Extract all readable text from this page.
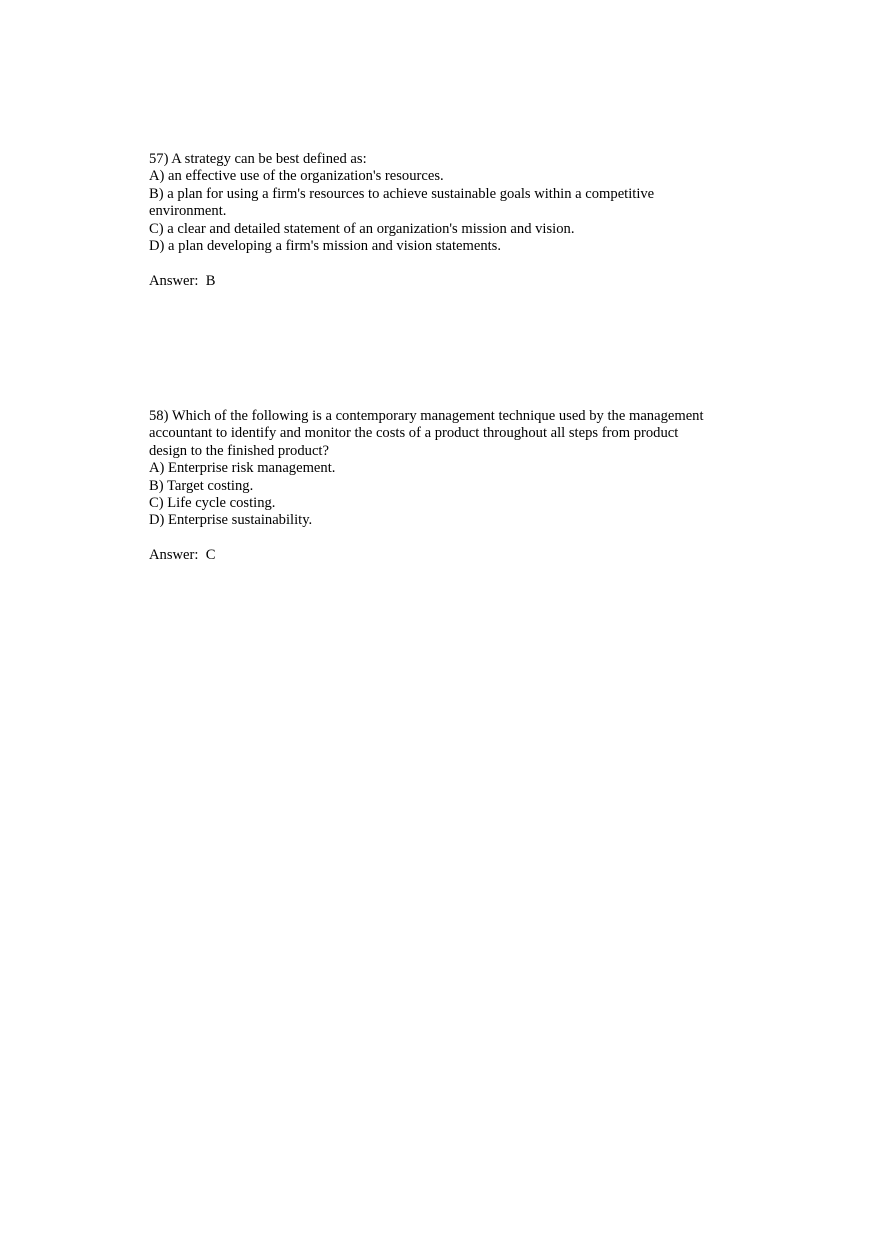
57) A strategy can be best defined as:
A) an effective use of the organization's resources.
B) a plan for using a firm's resources to achieve sustainable goals within a competitive
environment.
C) a clear and detailed statement of an organization's mission and vision.
D) a plan developing a firm's mission and vision statements.
Answer:  B
58) Which of the following is a contemporary management technique used by the management
accountant to identify and monitor the costs of a product throughout all steps from product
design to the finished product?
A) Enterprise risk management.
B) Target costing.
C) Life cycle costing.
D) Enterprise sustainability.
Answer:  C
